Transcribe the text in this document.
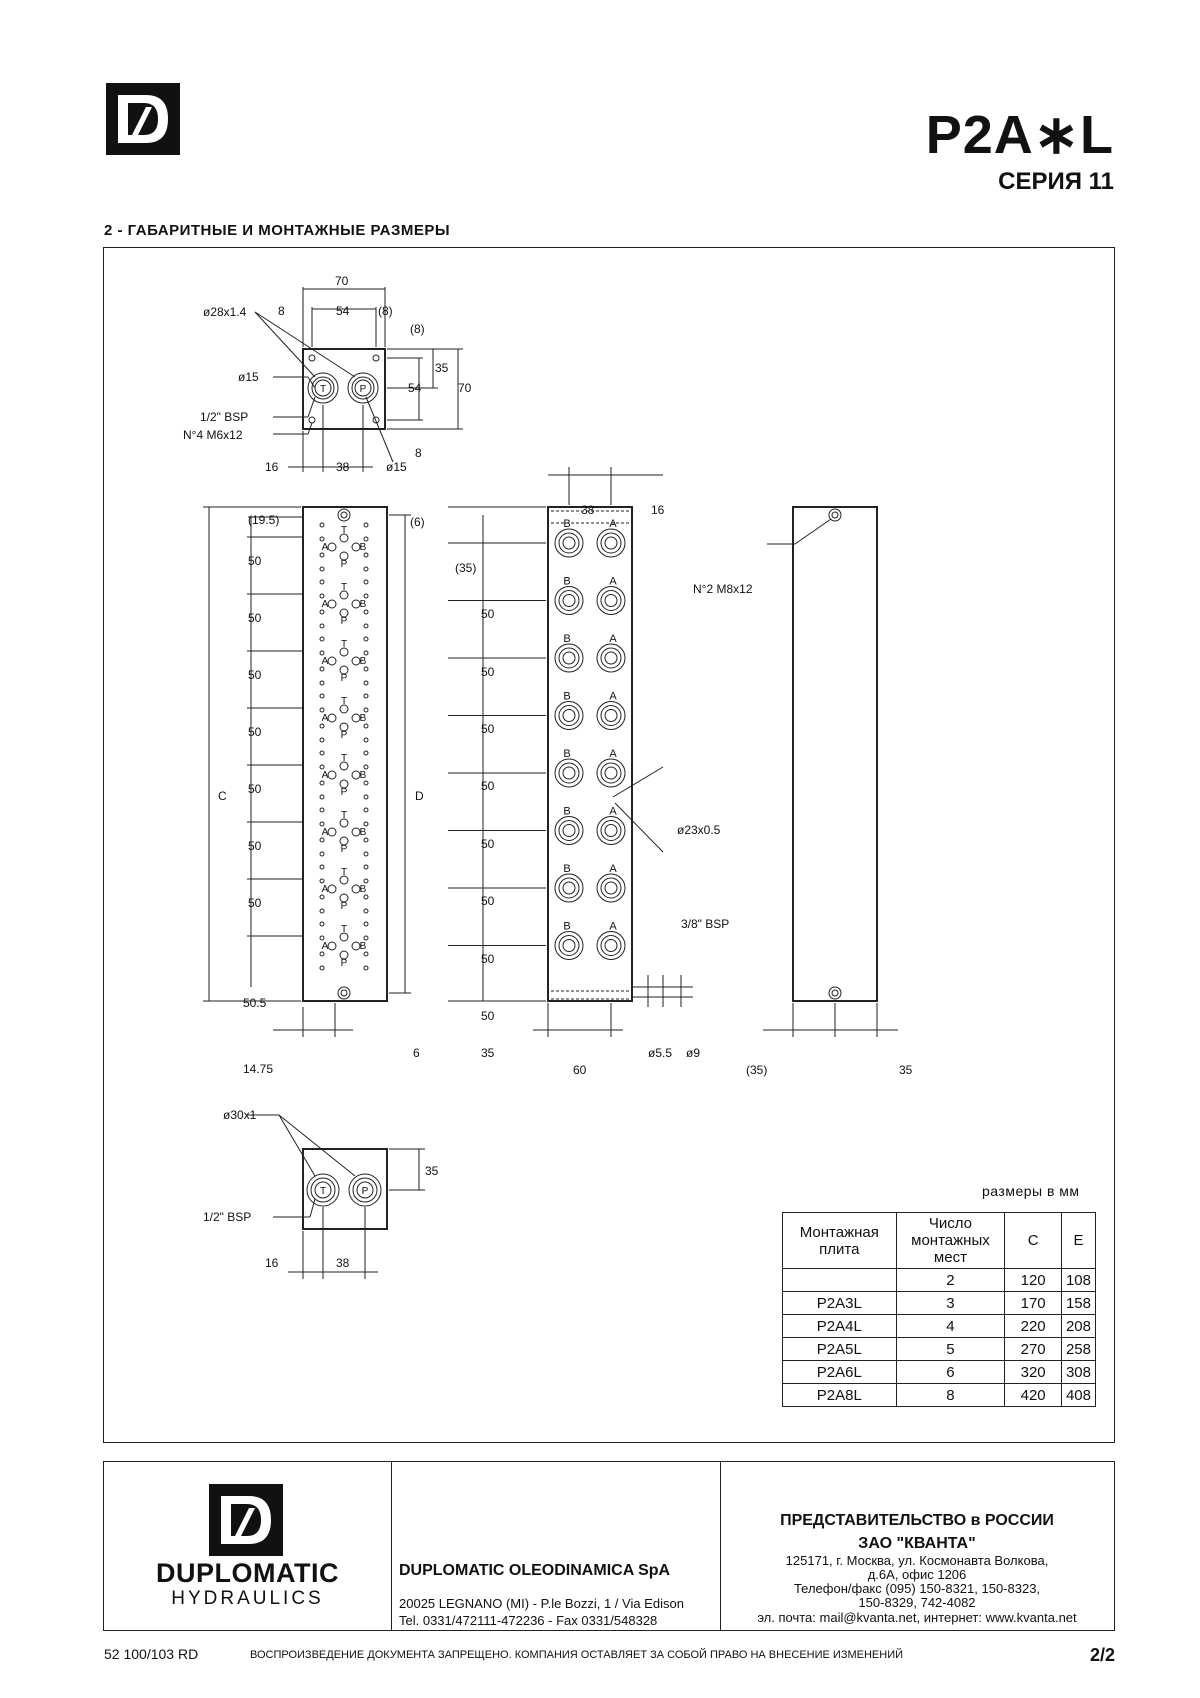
P2A∗L
СЕРИЯ 11
2 - ГАБАРИТНЫЕ И МОНТАЖНЫЕ РАЗМЕРЫ
T
A	B
P
T
A	B
P
T
A	B
P
T
A	B
P
T
A	B
P
T
A	B
P
T
A	B
P
T
A	B
P
B	A
B	A
B	A
B	A
B	A
B	A
B	A
B	A
T	P
T	P
70
8	54 (8)
(8)
35
54	70
8
16	38
ø28x1.4
ø15
1/2" BSP
N°4 M6x12
ø15
50
50
50
50
50
50
50
50.5
(19.5)	(6)
6
14.75
C	D
38	16
(35)
50
50
50
50
50
50
50
50
35
60
ø23x0.5
3/8" BSP
ø5.5 ø9
N°2 M8x12
(35)	35
ø30x1
1/2" BSP
35
16	38
размеры в мм
Монтажная плита	Число монтажных мест	C	E
	2	120	108
P2A3L	3	170	158
P2A4L	4	220	208
P2A5L	5	270	258
P2A6L	6	320	308
P2A8L	8	420	408
DUPLOMATIC
HYDRAULICS
DUPLOMATIC OLEODINAMICA SpA
20025 LEGNANO (MI) - P.le Bozzi, 1 / Via Edison
Tel. 0331/472111-472236 - Fax 0331/548328
ПРЕДСТАВИТЕЛЬСТВО в РОССИИ
ЗАО "КВАНТА"
125171, г. Москва, ул. Космонавта Волкова,
д.6А, офис 1206
Телефон/факс (095) 150-8321, 150-8323,
150-8329, 742-4082
эл. почта: mail@kvanta.net, интернет: www.kvanta.net
52 100/103 RD	ВОСПРОИЗВЕДЕНИЕ ДОКУМЕНТА ЗАПРЕЩЕНО. КОМПАНИЯ ОСТАВЛЯЕТ ЗА СОБОЙ ПРАВО НА ВНЕСЕНИЕ ИЗМЕНЕНИЙ	2/2
